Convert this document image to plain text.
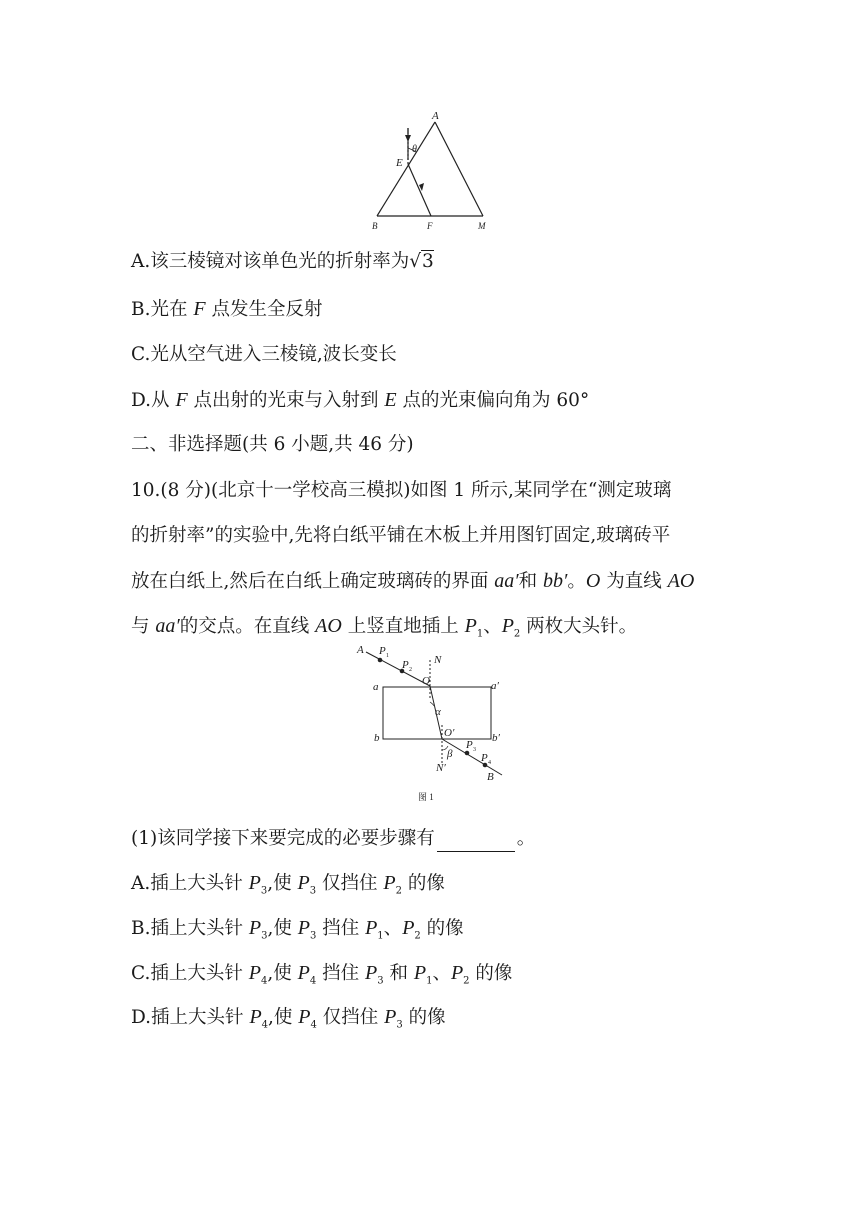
A
θ
E
B	F	M
A.该三棱镜对该单色光的折射率为√3
B.光在 F 点发生全反射
C.光从空气进入三棱镜,波长变长
D.从 F 点出射的光束与入射到 E 点的光束偏向角为 60°
二、非选择题(共 6 小题,共 46 分)
10.(8 分)(北京十一学校高三模拟)如图 1 所示,某同学在“测定玻璃
的折射率”的实验中,先将白纸平铺在木板上并用图钉固定,玻璃砖平
放在白纸上,然后在白纸上确定玻璃砖的界面 aa′和 bb′。O 为直线 AO
与 aa′的交点。在直线 AO 上竖直地插上 $P_1$、$P_2$ 两枚大头针。
A P 1
P 2
O
N
a	a′
α
b	O′	b′
β
P 3
P 4
N′
B
图 1
(1)该同学接下来要完成的必要步骤有	。
A.插上大头针 $P_3$,使 $P_3$ 仅挡住 $P_2$ 的像
B.插上大头针 $P_3$,使 $P_3$ 挡住 $P_1$、$P_2$ 的像
C.插上大头针 $P_4$,使 $P_4$ 挡住 $P_3$ 和 $P_1$、$P_2$ 的像
D.插上大头针 $P_4$,使 $P_4$ 仅挡住 $P_3$ 的像
